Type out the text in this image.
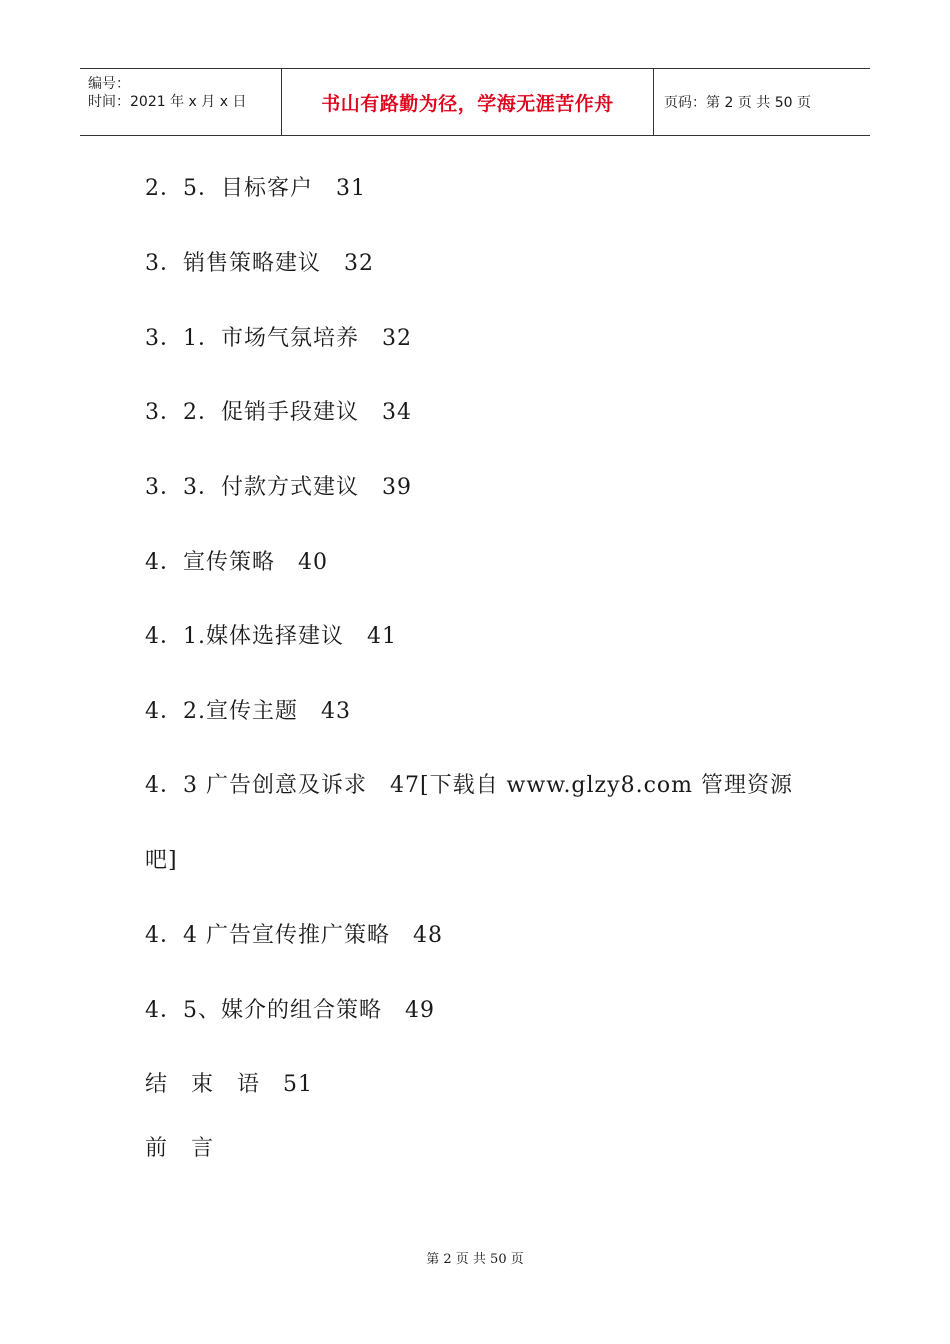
编号：
时间：2021 年 x 月 x 日	书山有路勤为径，学海无涯苦作舟	页码：第 2 页 共 50 页
2．5．目标客户　31
3．销售策略建议　32
3．1．市场气氛培养　32
3．2．促销手段建议　34
3．3．付款方式建议　39
4．宣传策略　40
4．1.媒体选择建议　41
4．2.宣传主题　43
4．3 广告创意及诉求　47[下载自 www.glzy8.com 管理资源
吧]
4．4 广告宣传推广策略　48
4．5、媒介的组合策略　49
结　束　语　51
前　言
第 2 页 共 50 页
